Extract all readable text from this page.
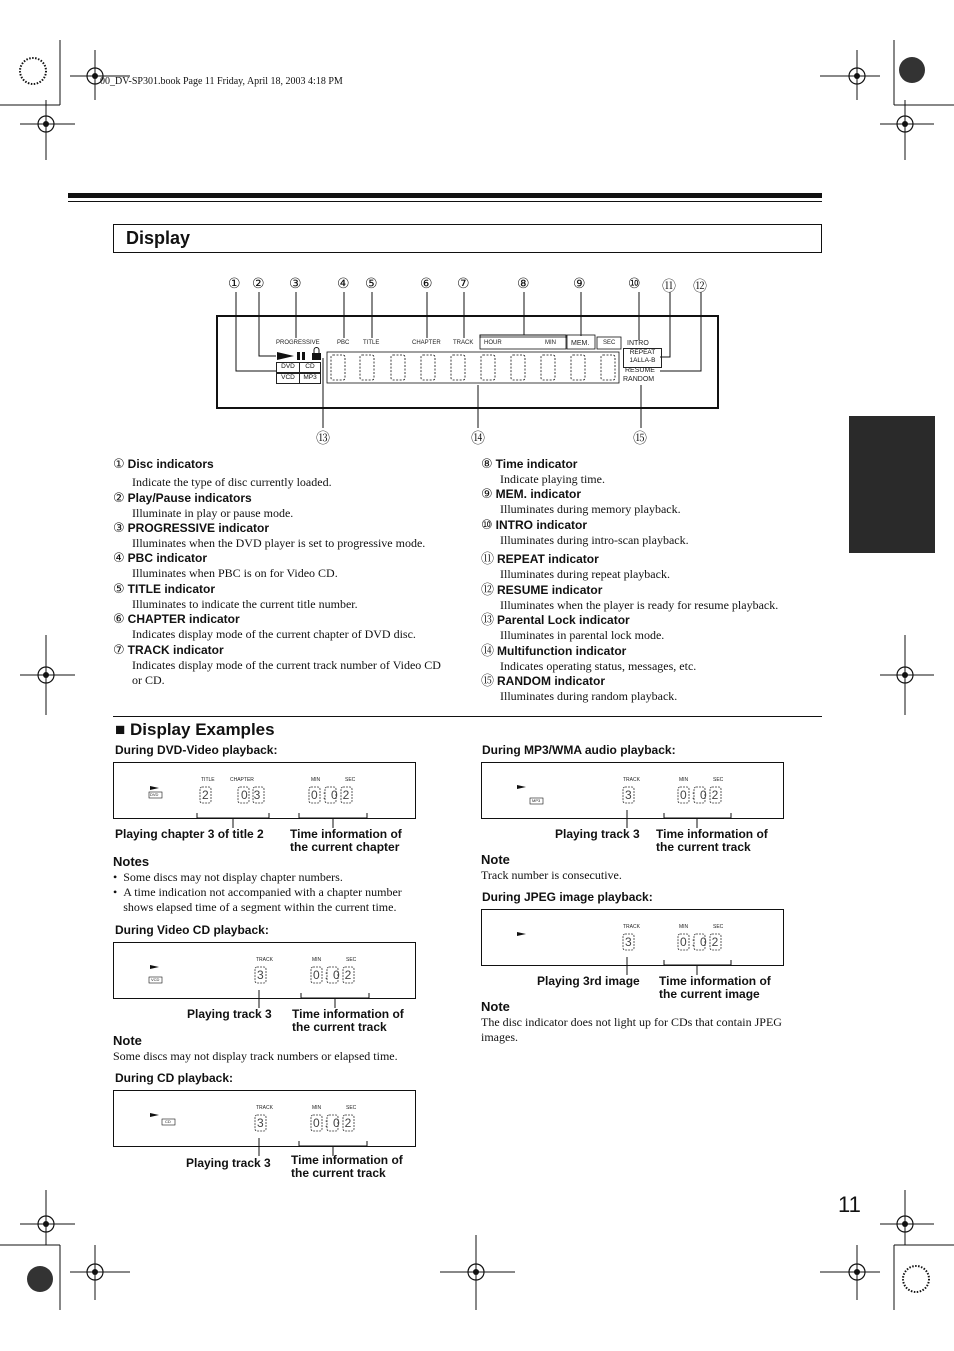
00_DV-SP301.book Page 11 Friday, April 18, 2003 4:18 PM
Display
① ② ③	④ ⑤	⑥ ⑦	⑧	⑨	⑩ ⑪ ⑫
PROGRESSIVE	PBC TITLE	CHAPTER TRACK HOUR	MIN MEM. SEC INTRO
REPEAT
1ALLA-B
RESUME
RANDOM
DVD	CD
VCD	MP3
⑬	⑭	⑮
① Disc indicators
Indicate the type of disc currently loaded.
② Play/Pause indicators
Illuminate in play or pause mode.
③ PROGRESSIVE indicator
Illuminates when the DVD player is set to progressive mode.
④ PBC indicator
Illuminates when PBC is on for Video CD.
⑤ TITLE indicator
Illuminates to indicate the current title number.
⑥ CHAPTER indicator
Indicates display mode of the current chapter of DVD disc.
⑦ TRACK indicator
Indicates display mode of the current track number of Video CD or CD.
⑧ Time indicator
Indicate playing time.
⑨ MEM. indicator
Illuminates during memory playback.
⑩ INTRO indicator
Illuminates during intro-scan playback.
⑪ REPEAT indicator
Illuminates during repeat playback.
⑫ RESUME indicator
Illuminates when the player is ready for resume playback.
⑬ Parental Lock indicator
Illuminates in parental lock mode.
⑭ Multifunction indicator
Indicates operating status, messages, etc.
⑮ RANDOM indicator
Illuminates during random playback.
■ Display Examples
During DVD-Video playback:
TITLE	CHAPTER	MIN	SEC
DVD	2	03	0:02
Playing chapter 3 of title 2 Time information of
the current chapter
Notes
•  Some discs may not display chapter numbers.
• A time indication not accompanied with a chapter number shows elapsed time of a segment within the current time.
During Video CD playback:
TRACK	MIN	SEC
VCD	3	0:02
Playing track 3 Time information of
the current track
Note
Some discs may not display track numbers or elapsed time.
During CD playback:
TRACK	MIN	SEC
CD	3	0:02
Playing track 3 Time information of
the current track
During MP3/WMA audio playback:
TRACK	MIN	SEC
MP3	3	0:02
Playing track 3 Time information of
the current track
Note
Track number is consecutive.
During JPEG image playback:
TRACK	MIN	SEC
3	0:02
Playing 3rd image Time information of
the current image
Note
The disc indicator does not light up for CDs that contain JPEG images.
11
